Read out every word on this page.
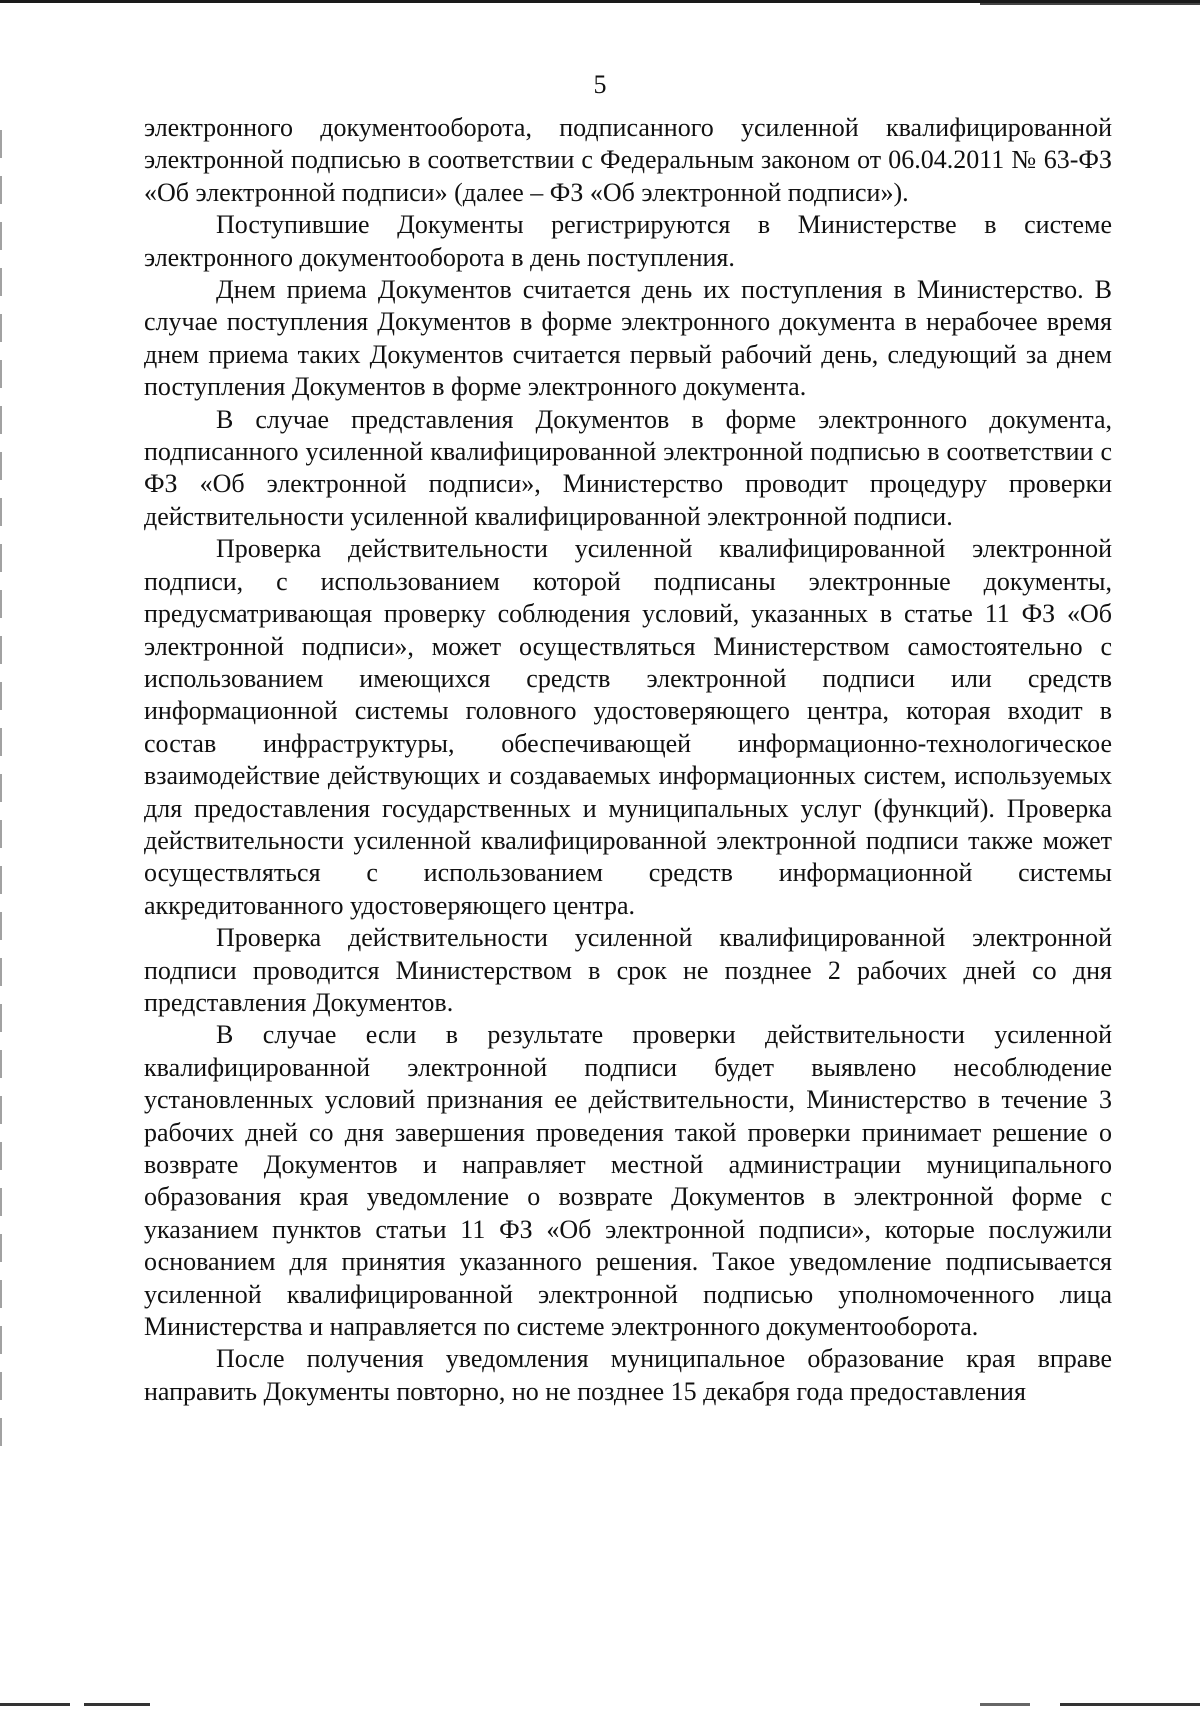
5

электронного документооборота, подписанного усиленной квалифицированной электронной подписью в соответствии с Федеральным законом от 06.04.2011 № 63-ФЗ «Об электронной подписи» (далее – ФЗ «Об электронной подписи»).

Поступившие Документы регистрируются в Министерстве в системе электронного документооборота в день поступления.

Днем приема Документов считается день их поступления в Министерство. В случае поступления Документов в форме электронного документа в нерабочее время днем приема таких Документов считается первый рабочий день, следующий за днем поступления Документов в форме электронного документа.

В случае представления Документов в форме электронного документа, подписанного усиленной квалифицированной электронной подписью в соответствии с ФЗ «Об электронной подписи», Министерство проводит процедуру проверки действительности усиленной квалифицированной электронной подписи.

Проверка действительности усиленной квалифицированной электронной подписи, с использованием которой подписаны электронные документы, предусматривающая проверку соблюдения условий, указанных в статье 11 ФЗ «Об электронной подписи», может осуществляться Министерством самостоятельно с использованием имеющихся средств электронной подписи или средств информационной системы головного удостоверяющего центра, которая входит в состав инфраструктуры, обеспечивающей информационно-технологическое взаимодействие действующих и создаваемых информационных систем, используемых для предоставления государственных и муниципальных услуг (функций). Проверка действительности усиленной квалифицированной электронной подписи также может осуществляться с использованием средств информационной системы аккредитованного удостоверяющего центра.

Проверка действительности усиленной квалифицированной электронной подписи проводится Министерством в срок не позднее 2 рабочих дней со дня представления Документов.

В случае если в результате проверки действительности усиленной квалифицированной электронной подписи будет выявлено несоблюдение установленных условий признания ее действительности, Министерство в течение 3 рабочих дней со дня завершения проведения такой проверки принимает решение о возврате Документов и направляет местной администрации муниципального образования края уведомление о возврате Документов в электронной форме с указанием пунктов статьи 11 ФЗ «Об электронной подписи», которые послужили основанием для принятия указанного решения. Такое уведомление подписывается усиленной квалифицированной электронной подписью уполномоченного лица Министерства и направляется по системе электронного документооборота.

После получения уведомления муниципальное образование края вправе направить Документы повторно, но не позднее 15 декабря года предоставления
